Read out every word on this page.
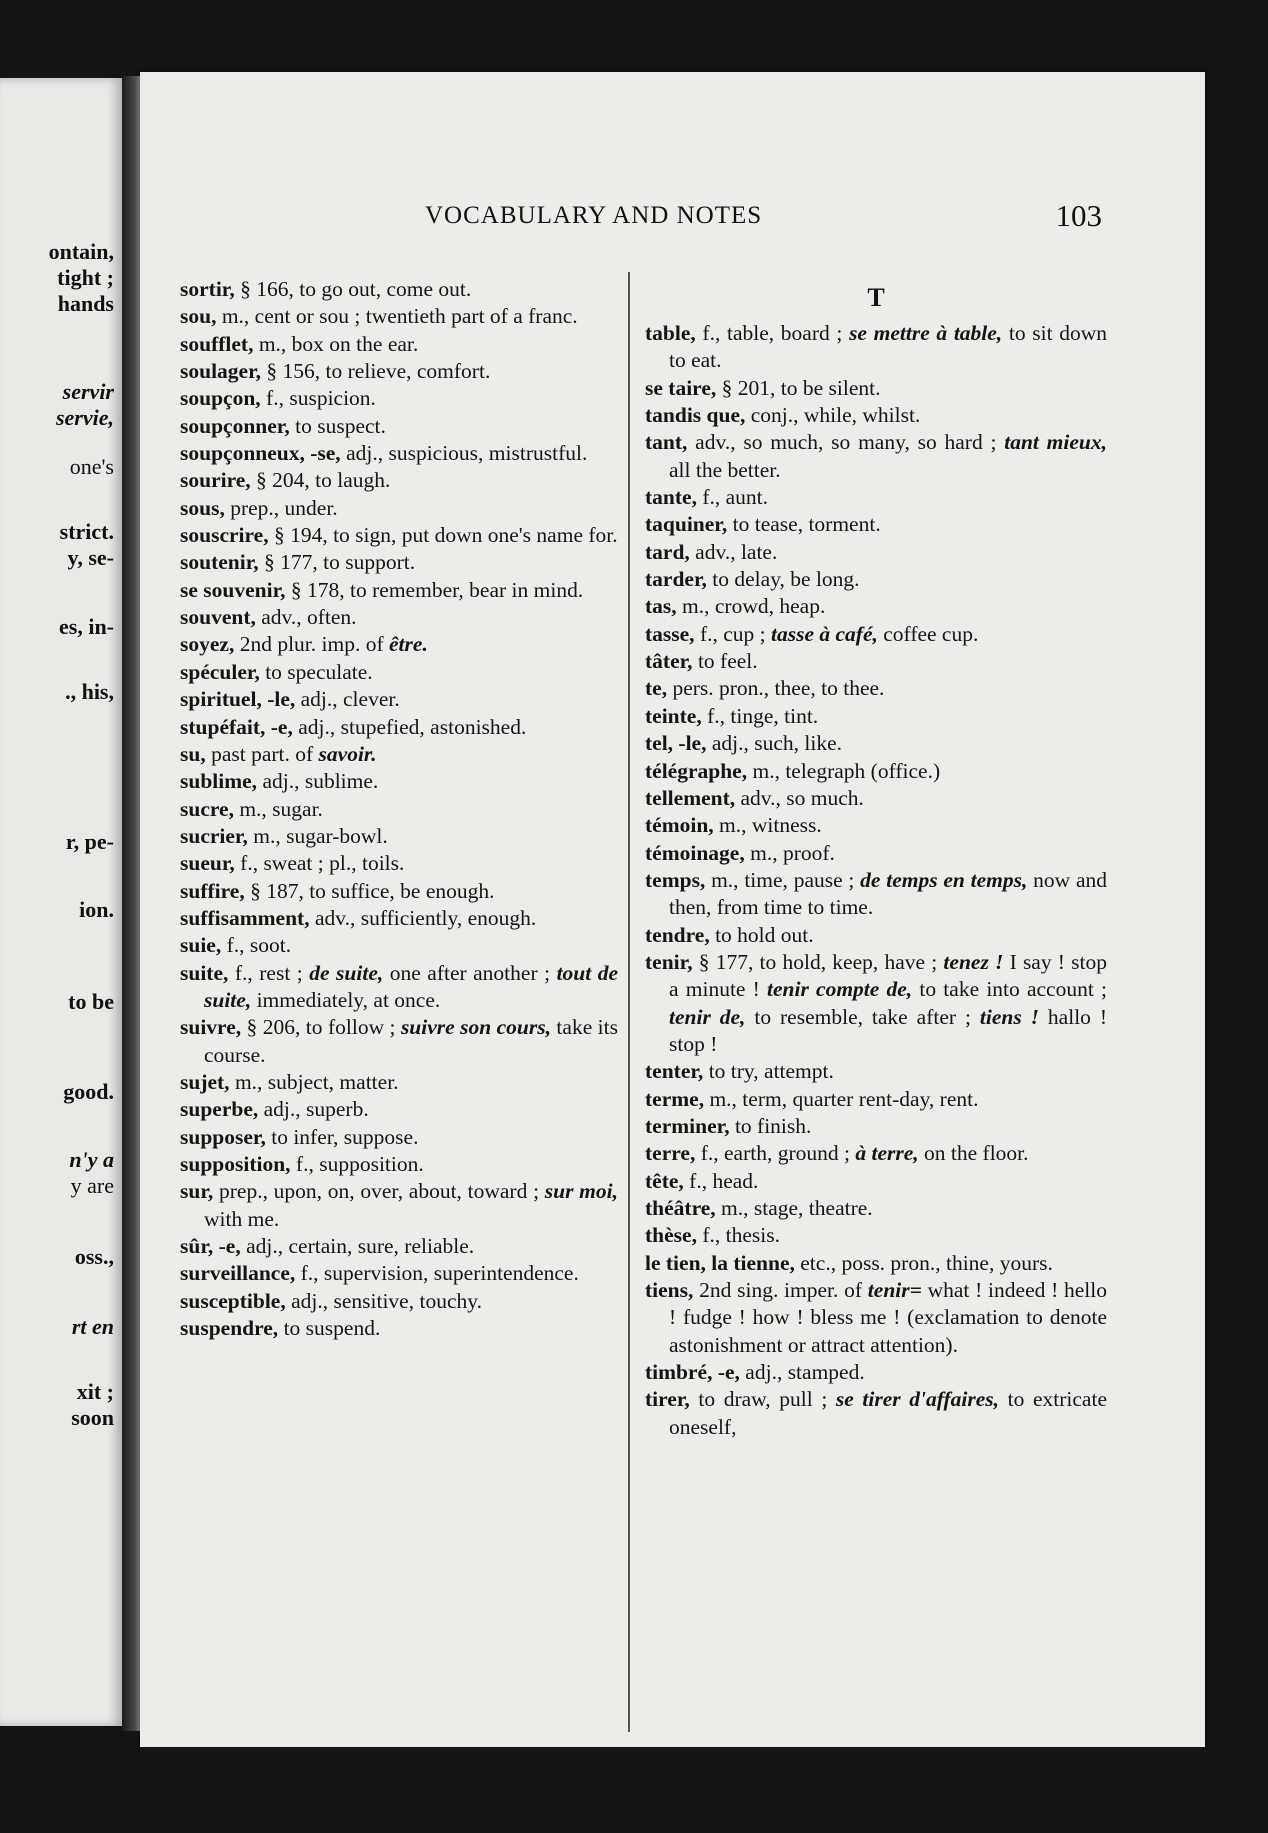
ontain,
tight ;
hands
servir
servie,
one's
strict.
y, se-
es, in-
., his,
r, pe-
ion.
to be
good.
n'y a
y are
oss.,
rt en
xit ;
soon
VOCABULARY AND NOTES	103

sortir, § 166, to go out, come out.

sou, m., cent or sou ; twentieth part of a franc.

soufflet, m., box on the ear.

soulager, § 156, to relieve, comfort.

soupçon, f., suspicion.

soupçonner, to suspect.

soupçonneux, -se, adj., suspicious, mistrustful.

sourire, § 204, to laugh.

sous, prep., under.

souscrire, § 194, to sign, put down one's name for.

soutenir, § 177, to support.

se souvenir, § 178, to remember, bear in mind.

souvent, adv., often.

soyez, 2nd plur. imp. of être.

spéculer, to speculate.

spirituel, -le, adj., clever.

stupéfait, -e, adj., stupefied, astonished.

su, past part. of savoir.

sublime, adj., sublime.

sucre, m., sugar.

sucrier, m., sugar-bowl.

sueur, f., sweat ; pl., toils.

suffire, § 187, to suffice, be enough.

suffisamment, adv., sufficiently, enough.

suie, f., soot.

suite, f., rest ; de suite, one after another ; tout de suite, immediately, at once.

suivre, § 206, to follow ; suivre son cours, take its course.

sujet, m., subject, matter.

superbe, adj., superb.

supposer, to infer, suppose.

supposition, f., supposition.

sur, prep., upon, on, over, about, toward ; sur moi, with me.

sûr, -e, adj., certain, sure, reliable.

surveillance, f., supervision, superintendence.

susceptible, adj., sensitive, touchy.

suspendre, to suspend.

T

table, f., table, board ; se mettre à table, to sit down to eat.

se taire, § 201, to be silent.

tandis que, conj., while, whilst.

tant, adv., so much, so many, so hard ; tant mieux, all the better.

tante, f., aunt.

taquiner, to tease, torment.

tard, adv., late.

tarder, to delay, be long.

tas, m., crowd, heap.

tasse, f., cup ; tasse à café, coffee cup.

tâter, to feel.

te, pers. pron., thee, to thee.

teinte, f., tinge, tint.

tel, -le, adj., such, like.

télégraphe, m., telegraph (office.)

tellement, adv., so much.

témoin, m., witness.

témoinage, m., proof.

temps, m., time, pause ; de temps en temps, now and then, from time to time.

tendre, to hold out.

tenir, § 177, to hold, keep, have ; tenez ! I say ! stop a minute ! tenir compte de, to take into account ; tenir de, to resemble, take after ; tiens ! hallo ! stop !

tenter, to try, attempt.

terme, m., term, quarter rent-day, rent.

terminer, to finish.

terre, f., earth, ground ; à terre, on the floor.

tête, f., head.

théâtre, m., stage, theatre.

thèse, f., thesis.

le tien, la tienne, etc., poss. pron., thine, yours.

tiens, 2nd sing. imper. of tenir= what ! indeed ! hello ! fudge ! how ! bless me ! (exclamation to denote astonishment or attract attention).

timbré, -e, adj., stamped.

tirer, to draw, pull ; se tirer d'affaires, to extricate oneself,
